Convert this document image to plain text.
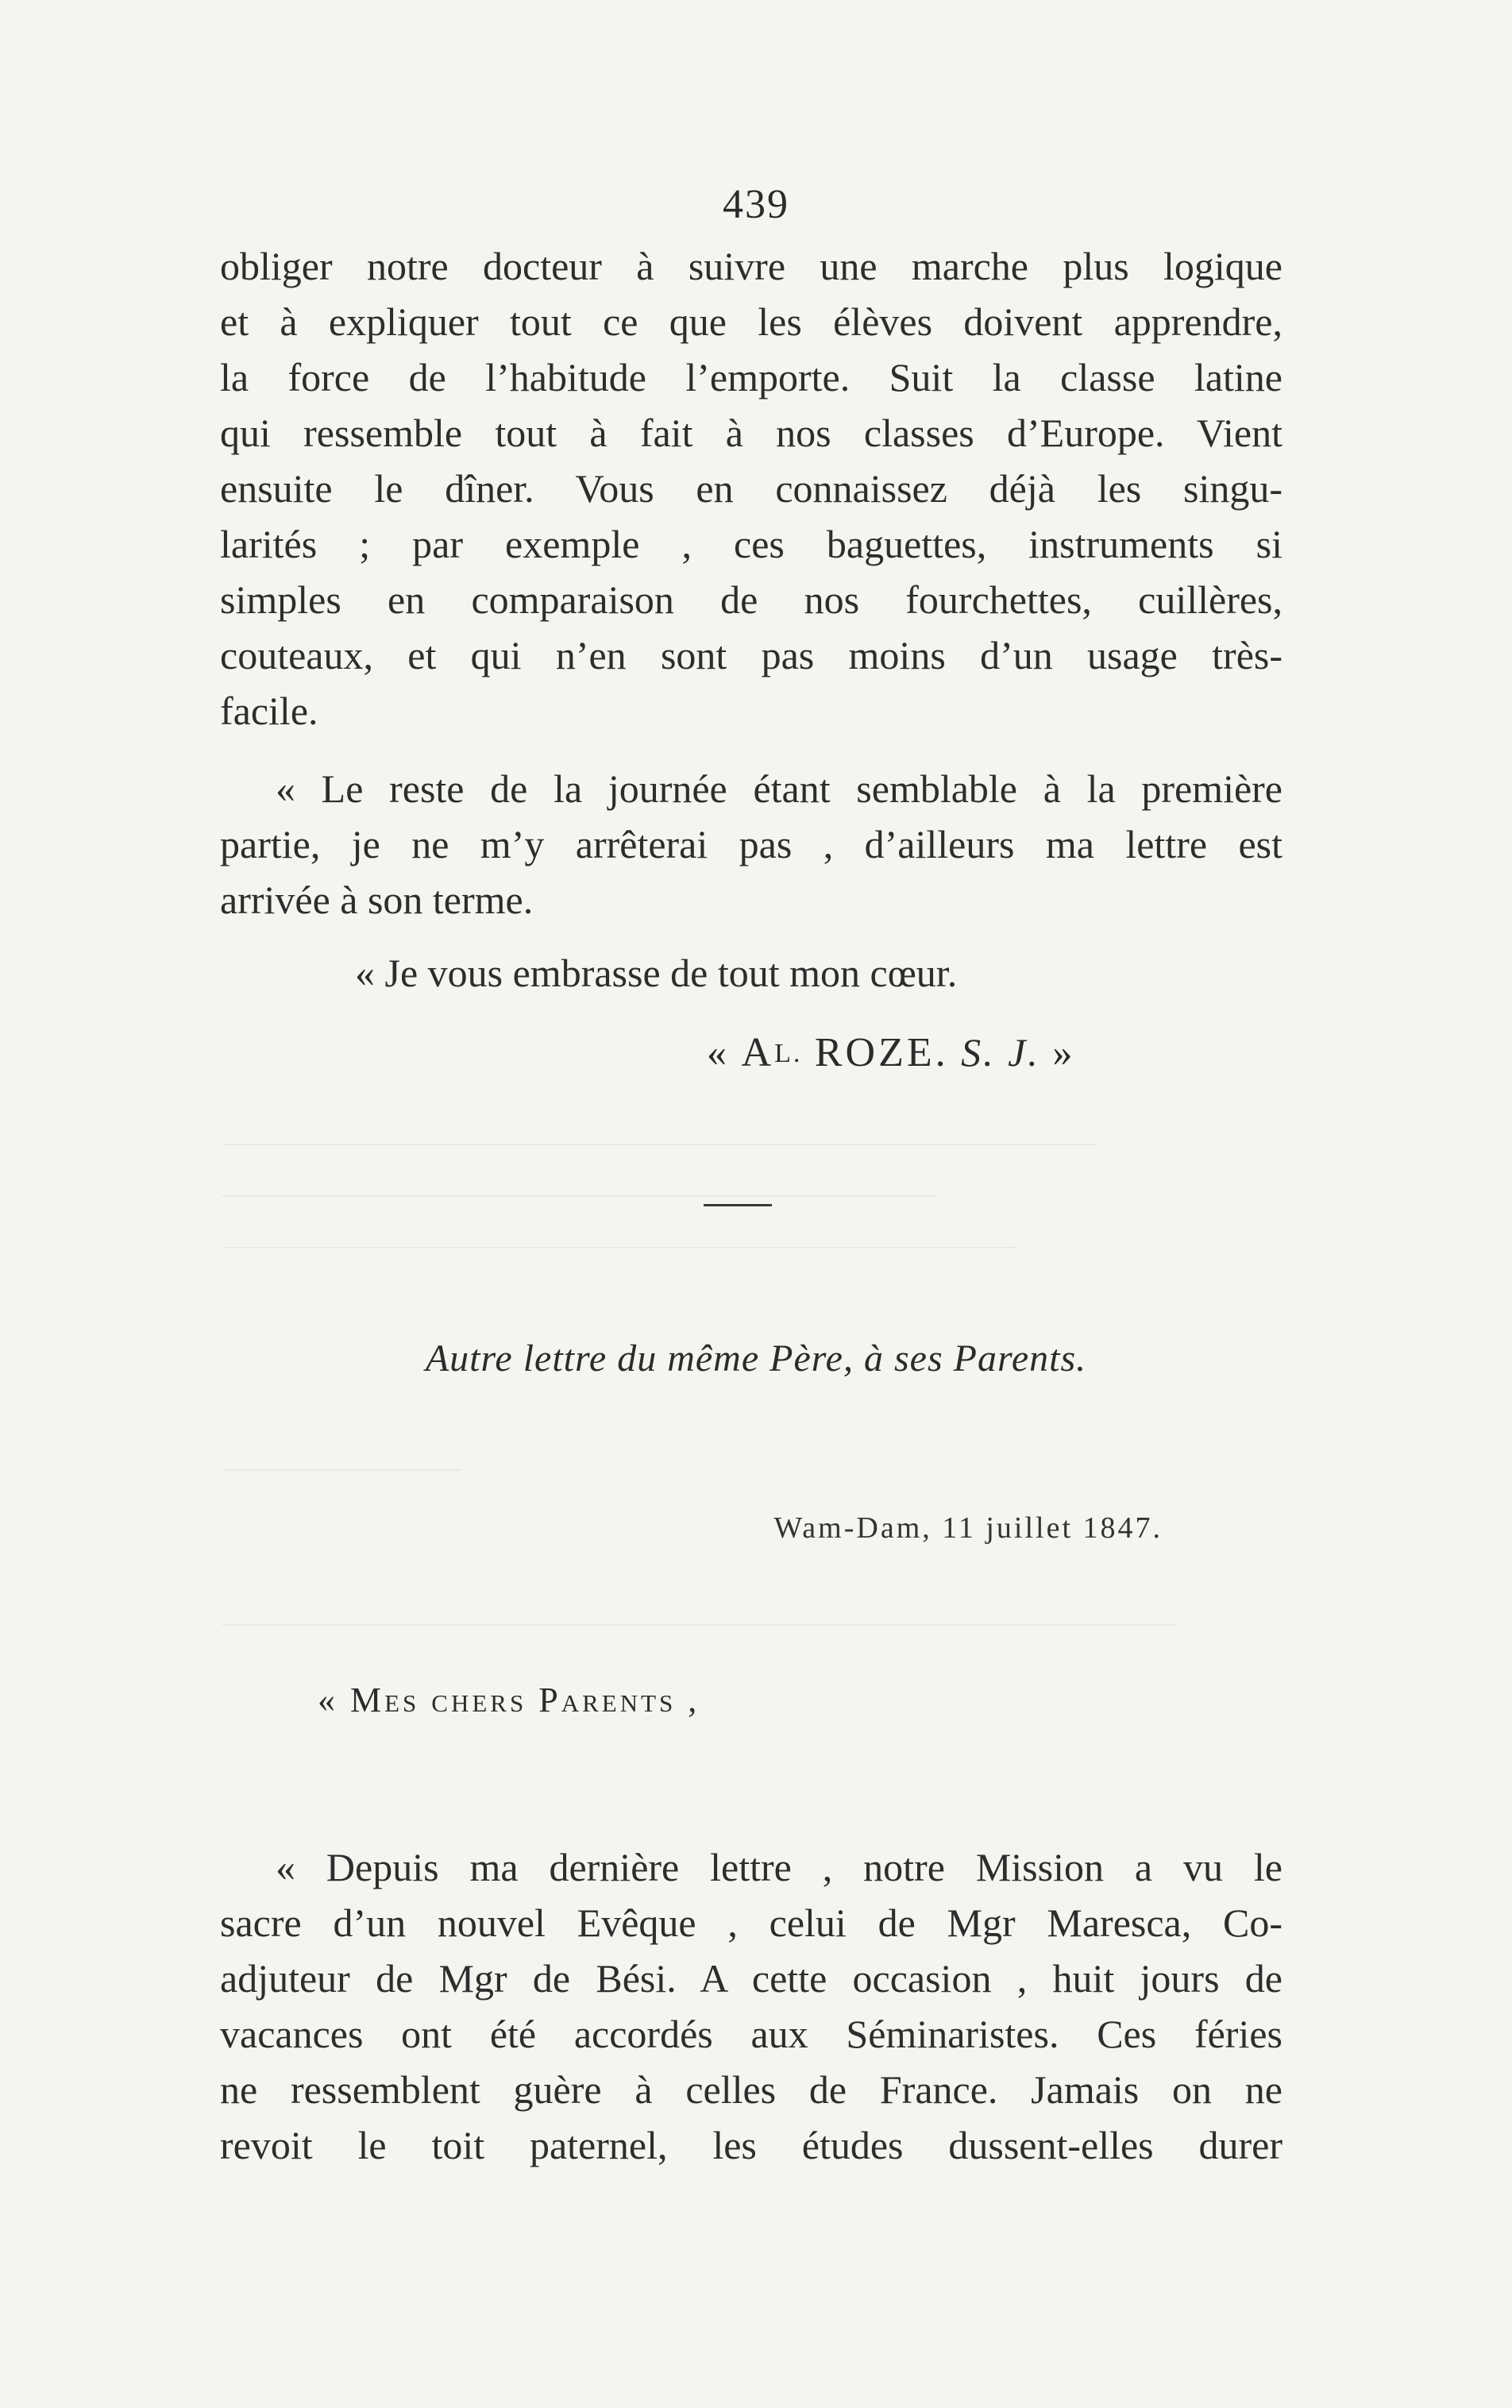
439
obliger notre docteur à suivre une marche plus logique
et à expliquer tout ce que les élèves doivent apprendre,
la force de l’habitude l’emporte. Suit la classe latine
qui ressemble tout à fait à nos classes d’Europe. Vient
ensuite le dîner. Vous en connaissez déjà les singu-
larités ; par exemple , ces baguettes, instruments si
simples en comparaison de nos fourchettes, cuillères,
couteaux, et qui n’en sont pas moins d’un usage très-
facile.
« Le reste de la journée étant semblable à la première
partie, je ne m’y arrêterai pas , d’ailleurs ma lettre est
arrivée à son terme.
« Je vous embrasse de tout mon cœur.
« AL. ROZE. S. J. »
Autre lettre du même Père, à ses Parents.
Wam-Dam, 11 juillet 1847.
« Mes chers Parents ,
« Depuis ma dernière lettre , notre Mission a vu le
sacre d’un nouvel Evêque , celui de Mgr Maresca, Co-
adjuteur de Mgr de Bési. A cette occasion , huit jours de
vacances ont été accordés aux Séminaristes. Ces féries
ne ressemblent guère à celles de France. Jamais on ne
revoit le toit paternel, les études dussent-elles durer
